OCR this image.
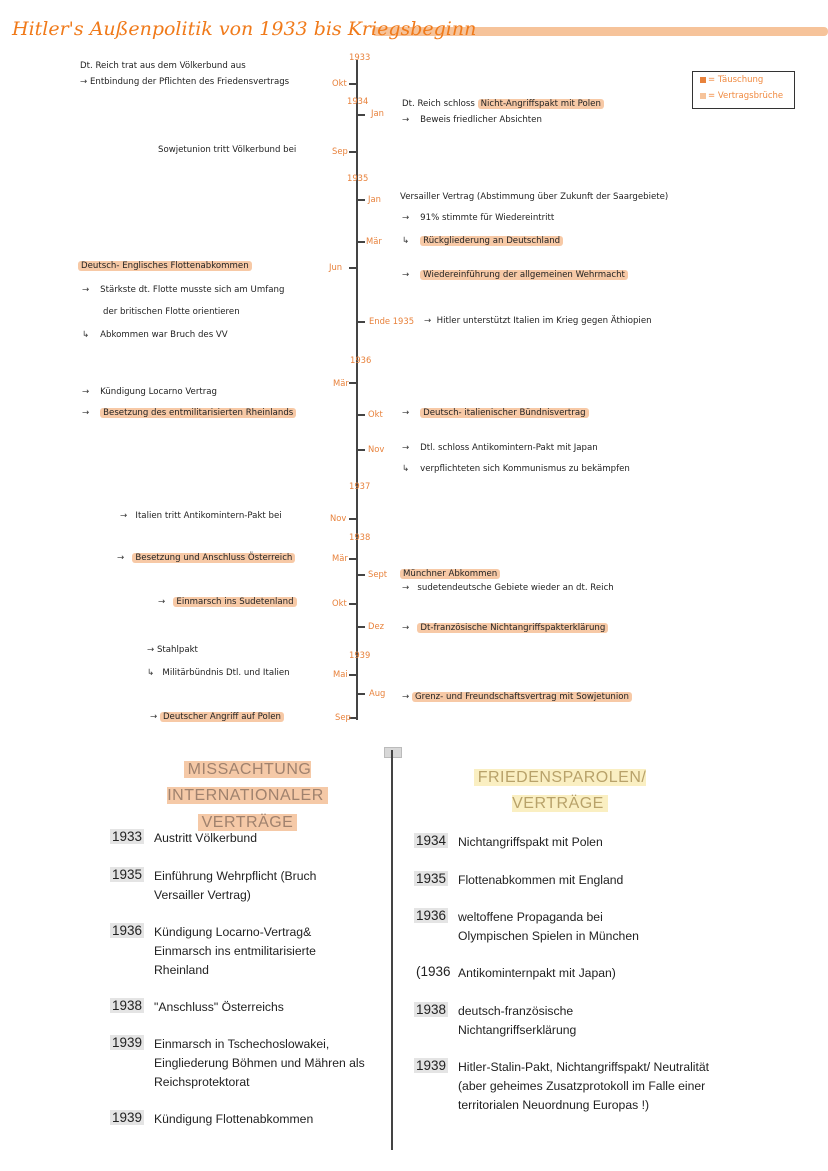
Hitler's Außenpolitik von 1933 bis Kriegsbeginn
= Täuschung
= Vertragsbrüche
1933
1934
1935
1936
1937
1938
1939
Okt
Jan
Sep
Jan
Mär
Jun
Ende 1935
Mär
Okt
Nov
Nov
Mär
Sept
Okt
Dez
Mai
Aug
Sep
Dt. Reich trat aus dem Völkerbund aus
→ Entbindung der Pflichten des Friedensvertrags
Sowjetunion tritt Völkerbund bei
Deutsch- Englisches Flottenabkommen
→    Stärkste dt. Flotte musste sich am Umfang
der britischen Flotte orientieren
↳    Abkommen war Bruch des VV
→    Kündigung Locarno Vertrag
→    Besetzung des entmilitarisierten Rheinlands
→   Italien tritt Antikomintern-Pakt bei
→   Besetzung und Anschluss Österreich
→   Einmarsch ins Sudetenland
→ Stahlpakt
↳   Militärbündnis Dtl. und Italien
→ Deutscher Angriff auf Polen
Dt. Reich schloss Nicht-Angriffspakt mit Polen
→    Beweis friedlicher Absichten
Versailler Vertrag (Abstimmung über Zukunft der Saargebiete)
→    91% stimmte für Wiedereintritt
↳    Rückgliederung an Deutschland
→    Wiedereinführung der allgemeinen Wehrmacht
→  Hitler unterstützt Italien im Krieg gegen Äthiopien
→    Deutsch- italienischer Bündnisvertrag
→    Dtl. schloss Antikomintern-Pakt mit Japan
↳    verpflichteten sich Kommunismus zu bekämpfen
Münchner Abkommen
→   sudetendeutsche Gebiete wieder an dt. Reich
→   Dt-französische Nichtangriffspakterklärung
→ Grenz- und Freundschaftsvertrag mit Sowjetunion
MISSACHTUNG INTERNATIONALER
VERTRÄGE
FRIEDENSPAROLEN/ VERTRÄGE
1933 Austritt Völkerbund
1935 Einführung Wehrpflicht (Bruch Versailler Vertrag)
1936 Kündigung Locarno-Vertrag& Einmarsch ins entmilitarisierte Rheinland
1938 "Anschluss" Österreichs
1939 Einmarsch in Tschechoslowakei, Eingliederung Böhmen und Mähren als Reichsprotektorat
1939 Kündigung Flottenabkommen
1934 Nichtangriffspakt mit Polen
1935 Flottenabkommen mit England
1936 weltoffene Propaganda bei Olympischen Spielen in München
(1936 Antikominternpakt mit Japan)
1938 deutsch-französische Nichtangriffserklärung
1939 Hitler-Stalin-Pakt, Nichtangriffspakt/ Neutralität (aber geheimes Zusatzprotokoll im Falle einer territorialen Neuordnung Europas !)
